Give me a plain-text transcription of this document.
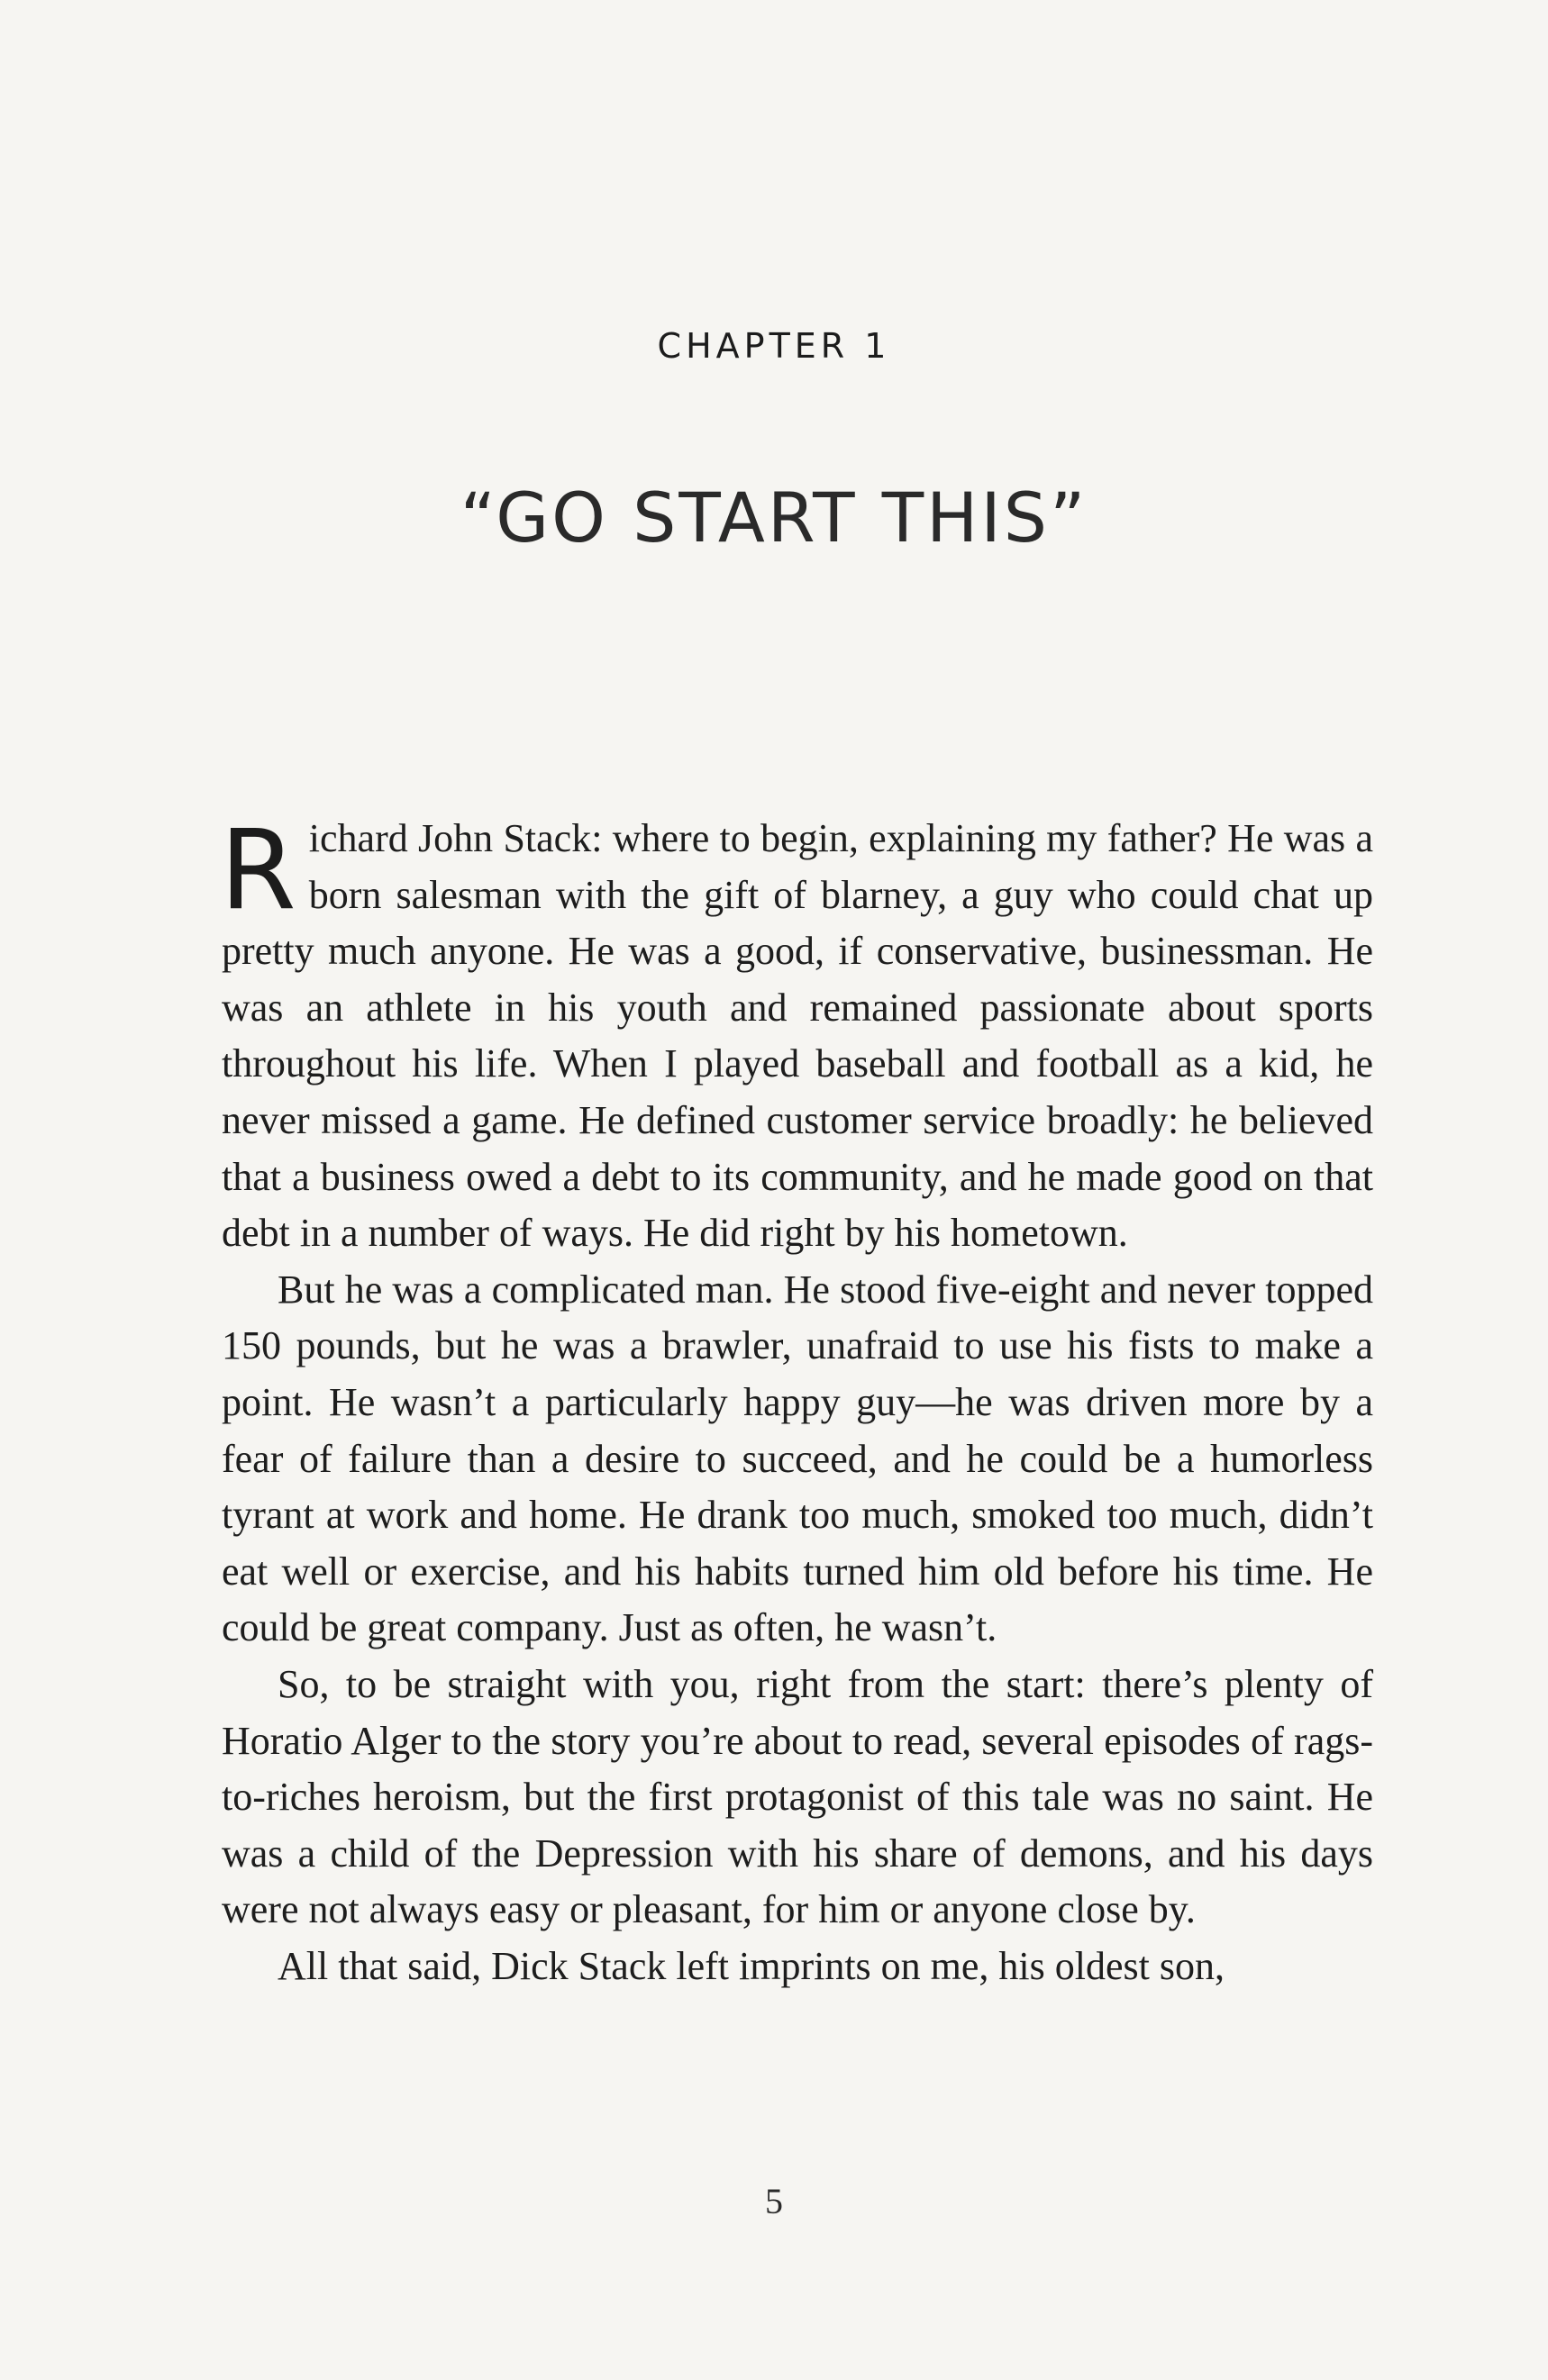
CHAPTER 1
“GO START THIS”

Richard John Stack: where to begin, explaining my father? He was a born salesman with the gift of blarney, a guy who could chat up pretty much anyone. He was a good, if conservative, businessman. He was an athlete in his youth and remained passionate about sports throughout his life. When I played baseball and football as a kid, he never missed a game. He defined customer service broadly: he believed that a business owed a debt to its community, and he made good on that debt in a number of ways. He did right by his hometown.

But he was a complicated man. He stood five-eight and never topped 150 pounds, but he was a brawler, unafraid to use his fists to make a point. He wasn’t a particularly happy guy—he was driven more by a fear of failure than a desire to succeed, and he could be a humorless tyrant at work and home. He drank too much, smoked too much, didn’t eat well or exercise, and his habits turned him old before his time. He could be great company. Just as often, he wasn’t.

So, to be straight with you, right from the start: there’s plenty of Horatio Alger to the story you’re about to read, several episodes of rags-to-riches heroism, but the first protagonist of this tale was no saint. He was a child of the Depression with his share of demons, and his days were not always easy or pleasant, for him or anyone close by.

All that said, Dick Stack left imprints on me, his oldest son,

5
